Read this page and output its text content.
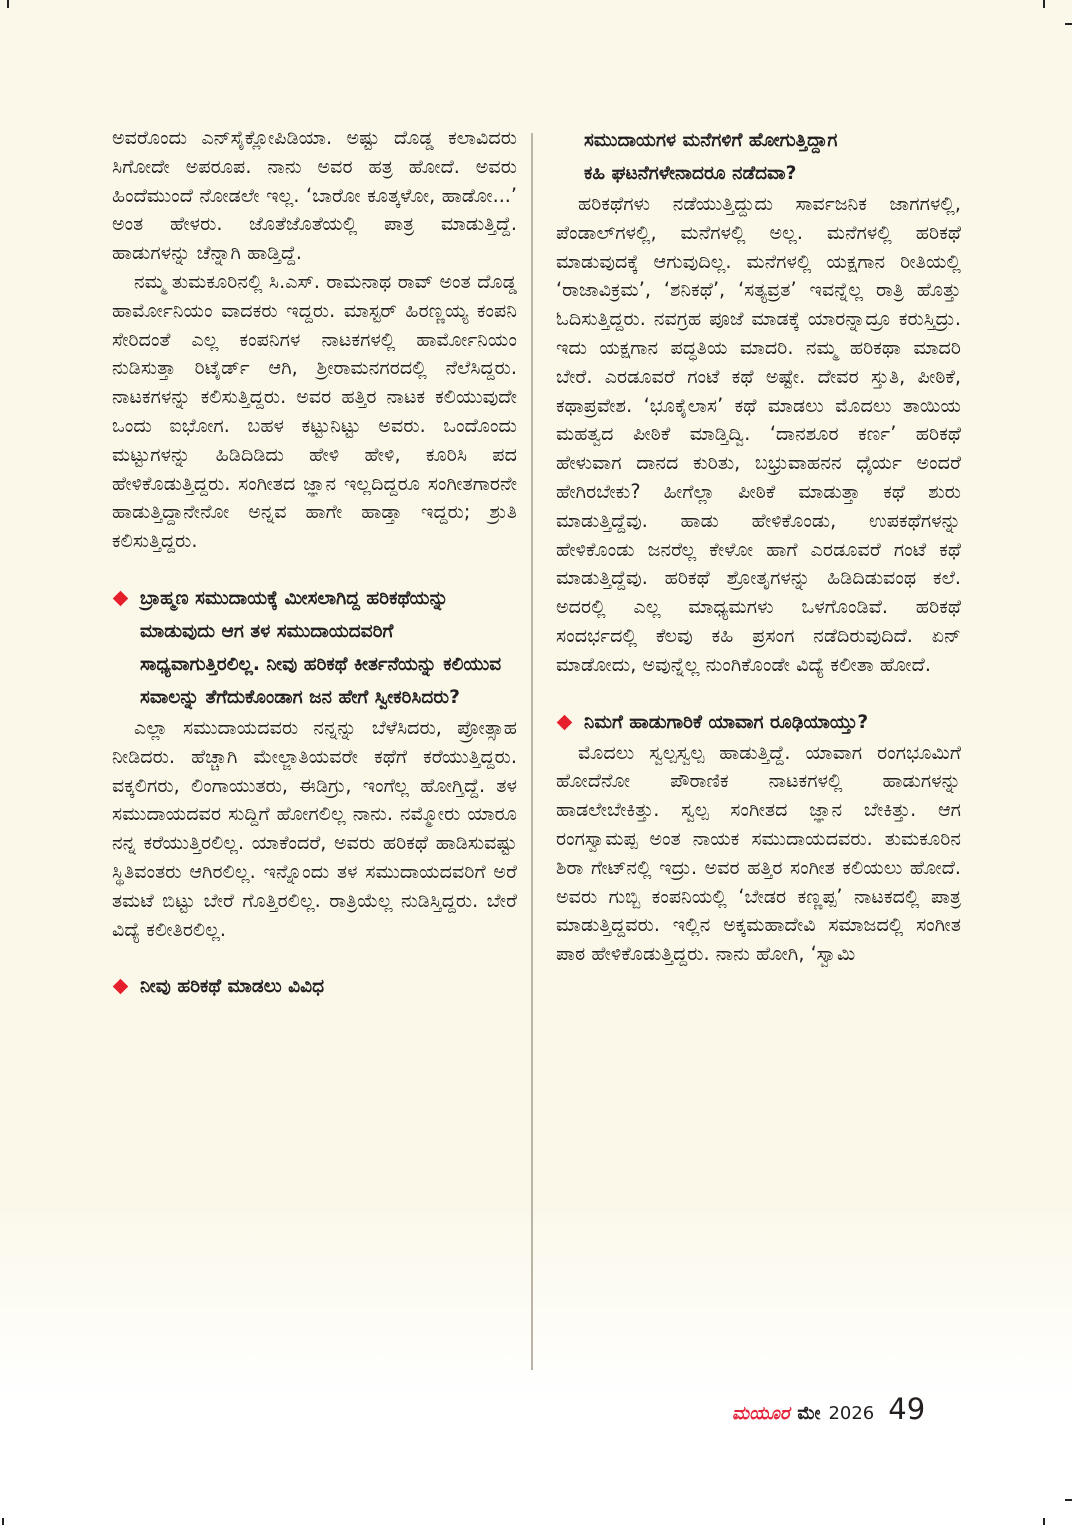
ಅವರೊಂದು ಎನ್‌ಸೈಕ್ಲೋಪಿಡಿಯಾ. ಅಷ್ಟು ದೊಡ್ಡ ಕಲಾವಿದರು ಸಿಗೋದೇ ಅಪರೂಪ. ನಾನು ಅವರ ಹತ್ರ ಹೋದೆ. ಅವರು ಹಿಂದೆಮುಂದೆ ನೋಡಲೇ ಇಲ್ಲ. ‘ಬಾರೋ ಕೂತ್ಕಳೋ, ಹಾಡೋ...’ ಅಂತ ಹೇಳರು. ಜೊತೆಜೊತೆಯಲ್ಲಿ ಪಾತ್ರ ಮಾಡುತ್ತಿದ್ದೆ. ಹಾಡುಗಳನ್ನು ಚೆನ್ನಾಗಿ ಹಾಡ್ತಿದ್ದೆ.

ನಮ್ಮ ತುಮಕೂರಿನಲ್ಲಿ ಸಿ.ಎಸ್. ರಾಮನಾಥ ರಾವ್ ಅಂತ ದೊಡ್ಡ ಹಾರ್ಮೋನಿಯಂ ವಾದಕರು ಇದ್ದರು. ಮಾಸ್ಟರ್ ಹಿರಣ್ಣಯ್ಯ ಕಂಪನಿ ಸೇರಿದಂತೆ ಎಲ್ಲ ಕಂಪನಿಗಳ ನಾಟಕಗಳಲ್ಲಿ ಹಾರ್ಮೋನಿಯಂ ನುಡಿಸುತ್ತಾ ರಿಟೈರ್ಡ್ ಆಗಿ, ಶ್ರೀರಾಮನಗರದಲ್ಲಿ ನೆಲೆಸಿದ್ದರು. ನಾಟಕಗಳನ್ನು ಕಲಿಸುತ್ತಿದ್ದರು. ಅವರ ಹತ್ತಿರ ನಾಟಕ ಕಲಿಯುವುದೇ ಒಂದು ಐಭೋಗ. ಬಹಳ ಕಟ್ಟುನಿಟ್ಟು ಅವರು. ಒಂದೊಂದು ಮಟ್ಟುಗಳನ್ನು ಹಿಡಿದಿಡಿದು ಹೇಳಿ ಹೇಳಿ, ಕೂರಿಸಿ ಪದ ಹೇಳಿಕೊಡುತ್ತಿದ್ದರು. ಸಂಗೀತದ ಜ್ಞಾನ ಇಲ್ಲದಿದ್ದರೂ ಸಂಗೀತಗಾರನೇ ಹಾಡುತ್ತಿದ್ದಾನೇನೋ ಅನ್ನವ ಹಾಗೇ ಹಾಡ್ತಾ ಇದ್ದರು; ಶ್ರುತಿ ಕಲಿಸುತ್ತಿದ್ದರು.

ಬ್ರಾಹ್ಮಣ ಸಮುದಾಯಕ್ಕೆ ಮೀಸಲಾಗಿದ್ದ ಹರಿಕಥೆಯನ್ನು ಮಾಡುವುದು ಆಗ ತಳ ಸಮುದಾಯದವರಿಗೆ ಸಾಧ್ಯವಾಗುತ್ತಿರಲಿಲ್ಲ. ನೀವು ಹರಿಕಥೆ ಕೀರ್ತನೆಯನ್ನು ಕಲಿಯುವ ಸವಾಲನ್ನು ತೆಗೆದುಕೊಂಡಾಗ ಜನ ಹೇಗೆ ಸ್ವೀಕರಿಸಿದರು?

ಎಲ್ಲಾ ಸಮುದಾಯದವರು ನನ್ನನ್ನು ಬೆಳೆಸಿದರು, ಪ್ರೋತ್ಸಾಹ ನೀಡಿದರು. ಹೆಚ್ಚಾಗಿ ಮೇಲ್ಜಾತಿಯವರೇ ಕಥೆಗೆ ಕರೆಯುತ್ತಿದ್ದರು. ವಕ್ಕಲಿಗರು, ಲಿಂಗಾಯುತರು, ಈಡಿಗ್ರು, ಇಂಗೆಲ್ಲ ಹೋಗ್ತಿದ್ದೆ. ತಳ ಸಮುದಾಯದವರ ಸುದ್ದಿಗೆ ಹೋಗಲಿಲ್ಲ ನಾನು. ನಮ್ಮೋರು ಯಾರೂ ನನ್ನ ಕರೆಯುತ್ತಿರಲಿಲ್ಲ. ಯಾಕೆಂದರೆ, ಅವರು ಹರಿಕಥೆ ಹಾಡಿಸುವಷ್ಟು ಸ್ಥಿತಿವಂತರು ಆಗಿರಲಿಲ್ಲ. ಇನ್ನೊಂದು ತಳ ಸಮುದಾಯದವರಿಗೆ ಅರೆ ತಮಟೆ ಬಿಟ್ಟು ಬೇರೆ ಗೊತ್ತಿರಲಿಲ್ಲ. ರಾತ್ರಿಯೆಲ್ಲ ನುಡಿಸ್ತಿದ್ದರು. ಬೇರೆ ವಿದ್ಯೆ ಕಲೀತಿರಲಿಲ್ಲ.

ನೀವು ಹರಿಕಥೆ ಮಾಡಲು ವಿವಿಧ
ಸಮುದಾಯಗಳ ಮನೆಗಳಿಗೆ ಹೋಗುತ್ತಿದ್ದಾಗ
ಕಹಿ ಘಟನೆಗಳೇನಾದರೂ ನಡೆದವಾ?

ಹರಿಕಥೆಗಳು ನಡೆಯುತ್ತಿದ್ದುದು ಸಾರ್ವಜನಿಕ ಜಾಗಗಳಲ್ಲಿ, ಪೆಂಡಾಲ್‌ಗಳಲ್ಲಿ, ಮನೆಗಳಲ್ಲಿ ಅಲ್ಲ. ಮನೆಗಳಲ್ಲಿ ಹರಿಕಥೆ ಮಾಡುವುದಕ್ಕೆ ಆಗುವುದಿಲ್ಲ. ಮನೆಗಳಲ್ಲಿ ಯಕ್ಷಗಾನ ರೀತಿಯಲ್ಲಿ ‘ರಾಜಾವಿಕ್ರಮ’, ‘ಶನಿಕಥೆ’, ‘ಸತ್ಯವ್ರತ’ ಇವನ್ನೆಲ್ಲ ರಾತ್ರಿ ಹೊತ್ತು ಓದಿಸುತ್ತಿದ್ದರು. ನವಗ್ರಹ ಪೂಜೆ ಮಾಡಕ್ಕೆ ಯಾರನ್ನಾದ್ರೂ ಕರುಸ್ತಿದ್ರು. ಇದು ಯಕ್ಷಗಾನ ಪದ್ಧತಿಯ ಮಾದರಿ. ನಮ್ಮ ಹರಿಕಥಾ ಮಾದರಿ ಬೇರೆ. ಎರಡೂವರೆ ಗಂಟೆ ಕಥೆ ಅಷ್ಟೇ. ದೇವರ ಸ್ತುತಿ, ಪೀಠಿಕೆ, ಕಥಾಪ್ರವೇಶ. ‘ಭೂಕೈಲಾಸ’ ಕಥೆ ಮಾಡಲು ಮೊದಲು ತಾಯಿಯ ಮಹತ್ವದ ಪೀಠಿಕೆ ಮಾಡ್ತಿದ್ವಿ. ‘ದಾನಶೂರ ಕರ್ಣ’ ಹರಿಕಥೆ ಹೇಳುವಾಗ ದಾನದ ಕುರಿತು, ಬಭ್ರುವಾಹನನ ಧೈರ್ಯ ಅಂದರೆ ಹೇಗಿರಬೇಕು? ಹೀಗೆಲ್ಲಾ ಪೀಠಿಕೆ ಮಾಡುತ್ತಾ ಕಥೆ ಶುರು ಮಾಡುತ್ತಿದ್ದೆವು. ಹಾಡು ಹೇಳಿಕೊಂಡು, ಉಪಕಥೆಗಳನ್ನು ಹೇಳಿಕೊಂಡು ಜನರೆಲ್ಲ ಕೇಳೋ ಹಾಗೆ ಎರಡೂವರೆ ಗಂಟೆ ಕಥೆ ಮಾಡುತ್ತಿದ್ದೆವು. ಹರಿಕಥೆ ಶ್ರೋತೃಗಳನ್ನು ಹಿಡಿದಿಡುವಂಥ ಕಲೆ. ಅದರಲ್ಲಿ ಎಲ್ಲ ಮಾಧ್ಯಮಗಳು ಒಳಗೊಂಡಿವೆ. ಹರಿಕಥೆ ಸಂದರ್ಭದಲ್ಲಿ ಕೆಲವು ಕಹಿ ಪ್ರಸಂಗ ನಡೆದಿರುವುದಿದೆ. ಏನ್ ಮಾಡೋದು, ಅವುನ್ನೆಲ್ಲ ನುಂಗಿಕೊಂಡೇ ವಿದ್ಯೆ ಕಲೀತಾ ಹೋದೆ.

ನಿಮಗೆ ಹಾಡುಗಾರಿಕೆ ಯಾವಾಗ ರೂಢಿಯಾಯ್ತು?

ಮೊದಲು ಸ್ವಲ್ಪಸ್ವಲ್ಪ ಹಾಡುತ್ತಿದ್ದೆ. ಯಾವಾಗ ರಂಗಭೂಮಿಗೆ ಹೋದೆನೋ ಪೌರಾಣಿಕ ನಾಟಕಗಳಲ್ಲಿ ಹಾಡುಗಳನ್ನು ಹಾಡಲೇಬೇಕಿತ್ತು. ಸ್ವಲ್ಪ ಸಂಗೀತದ ಜ್ಞಾನ ಬೇಕಿತ್ತು. ಆಗ ರಂಗಸ್ವಾಮಪ್ಪ ಅಂತ ನಾಯಕ ಸಮುದಾಯದವರು. ತುಮಕೂರಿನ ಶಿರಾ ಗೇಟ್‌ನಲ್ಲಿ ಇದ್ರು. ಅವರ ಹತ್ತಿರ ಸಂಗೀತ ಕಲಿಯಲು ಹೋದೆ. ಅವರು ಗುಬ್ಬಿ ಕಂಪನಿಯಲ್ಲಿ ‘ಬೇಡರ ಕಣ್ಣಪ್ಪ’ ನಾಟಕದಲ್ಲಿ ಪಾತ್ರ ಮಾಡುತ್ತಿದ್ದವರು. ಇಲ್ಲಿನ ಅಕ್ಕಮಹಾದೇವಿ ಸಮಾಜದಲ್ಲಿ ಸಂಗೀತ ಪಾಠ ಹೇಳಿಕೊಡುತ್ತಿದ್ದರು. ನಾನು ಹೋಗಿ, ‘ಸ್ವಾಮಿ

ಮಯೂರ ಮೇ 2026 49
